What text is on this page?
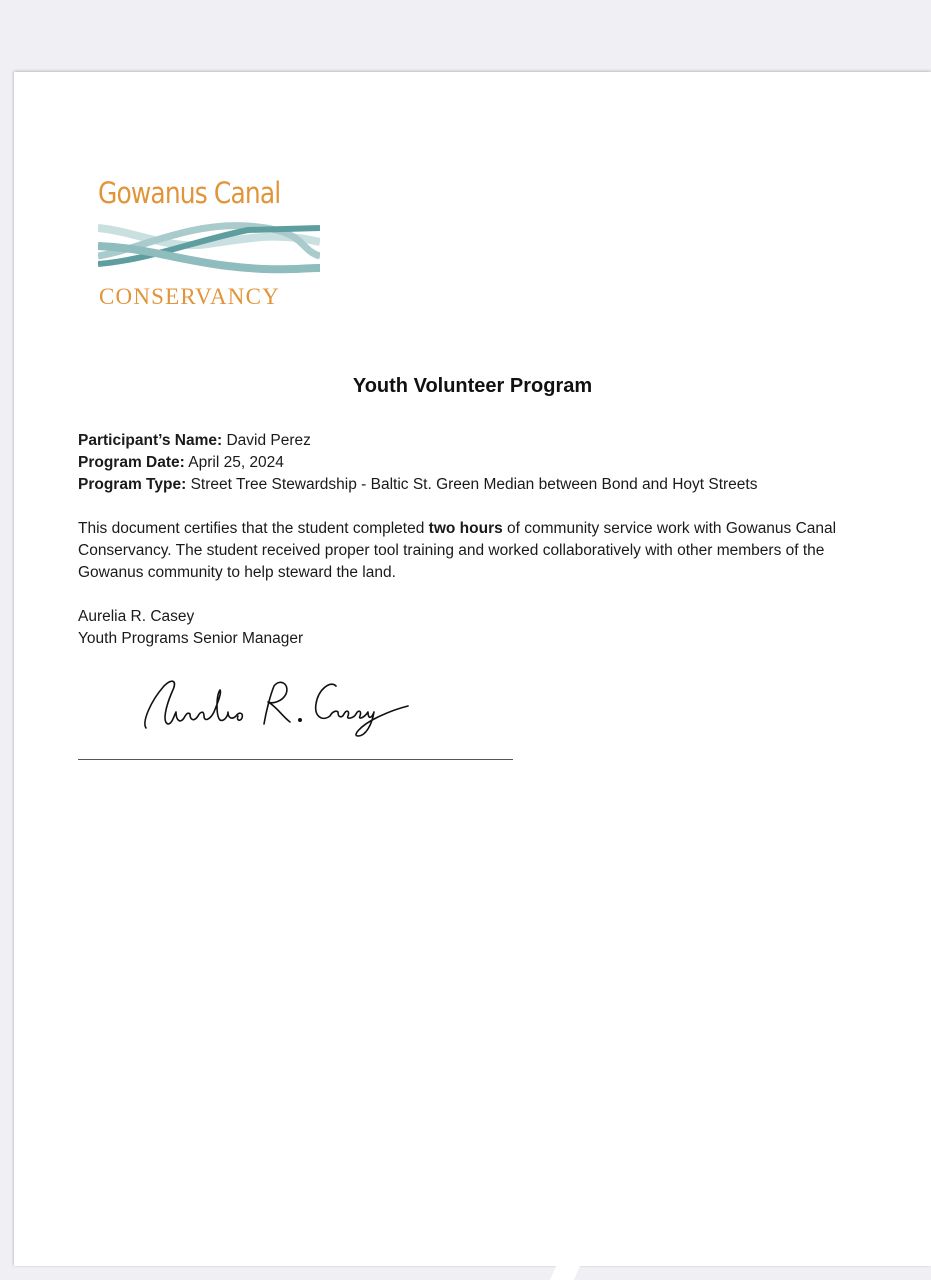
Gowanus Canal
CONSERVANCY
Youth Volunteer Program
Participant’s Name: David Perez
Program Date: April 25, 2024
Program Type: Street Tree Stewardship - Baltic St. Green Median between Bond and Hoyt Streets
This document certifies that the student completed two hours of community service work with Gowanus Canal Conservancy. The student received proper tool training and worked collaboratively with other members of the Gowanus community to help steward the land.
Aurelia R. Casey
Youth Programs Senior Manager
